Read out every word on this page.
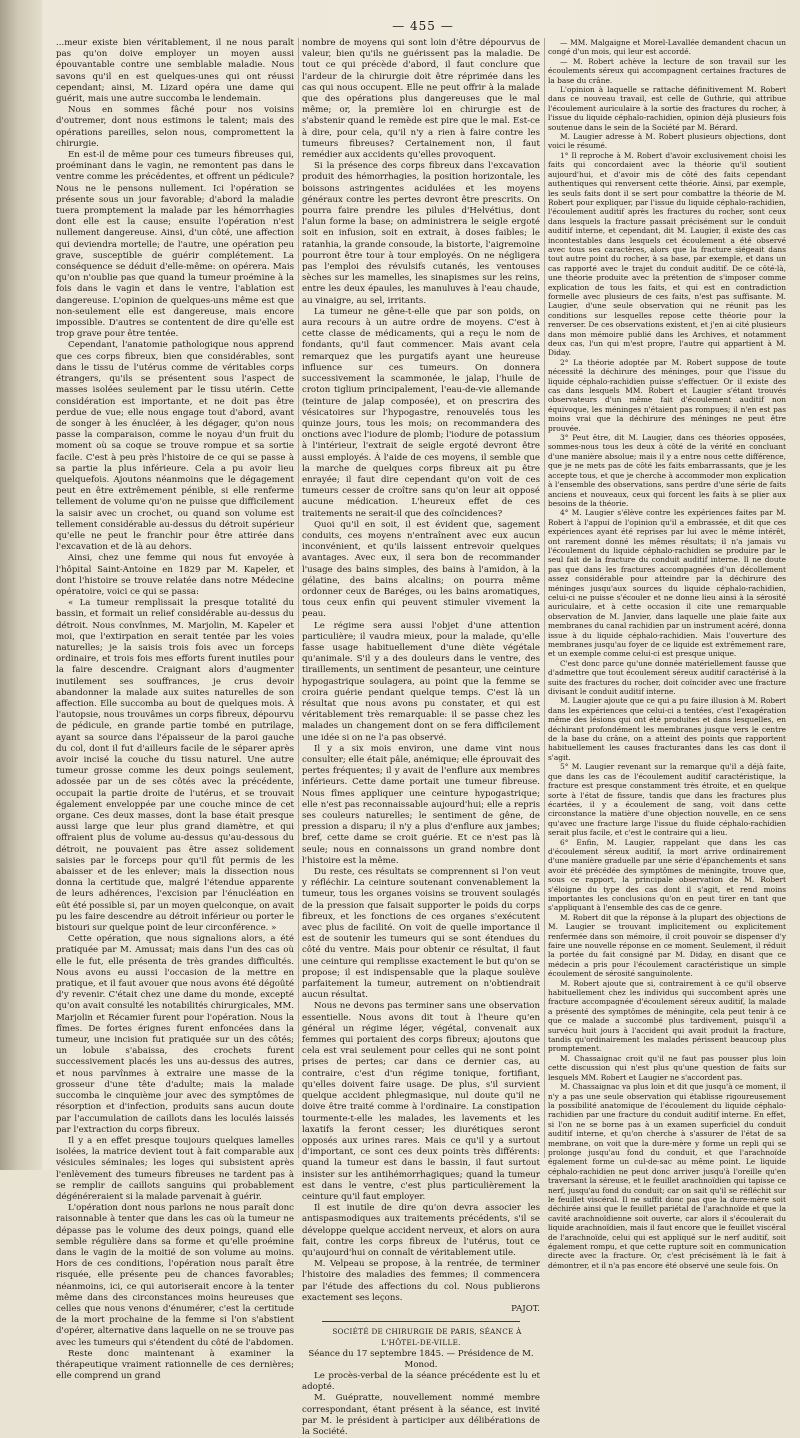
— 455 —

...meur existe bien véritablement, il ne nous paraît pas qu'on doive employer un moyen aussi épouvantable contre une semblable maladie. Nous savons qu'il en est quelques-unes qui ont réussi cependant; ainsi, M. Lizard opéra une dame qui guérit, mais une autre succomba le lendemain.

Nous en sommes fâché pour nos voisins d'outremer, dont nous estimons le talent; mais des opérations pareilles, selon nous, compromettent la chirurgie.

En est-il de même pour ces tumeurs fibreuses qui, proéminant dans le vagin, ne remontent pas dans le ventre comme les précédentes, et offrent un pédicule? Nous ne le pensons nullement. Ici l'opération se présente sous un jour favorable; d'abord la maladie tuera promptement la malade par les hémorrhagies dont elle est la cause; ensuite l'opération n'est nullement dangereuse. Ainsi, d'un côté, une affection qui deviendra mortelle; de l'autre, une opération peu grave, susceptible de guérir complétement. La conséquence se déduit d'elle-même: on opérera. Mais qu'on n'oublie pas que quand la tumeur proémine à la fois dans le vagin et dans le ventre, l'ablation est dangereuse. L'opinion de quelques-uns même est que non-seulement elle est dangereuse, mais encore impossible. D'autres se contentent de dire qu'elle est trop grave pour être tentée.

Cependant, l'anatomie pathologique nous apprend que ces corps fibreux, bien que considérables, sont dans le tissu de l'utérus comme de véritables corps étrangers, qu'ils se présentent sous l'aspect de masses isolées seulement par le tissu utérin. Cette considération est importante, et ne doit pas être perdue de vue; elle nous engage tout d'abord, avant de songer à les énucléer, à les dégager, qu'on nous passe la comparaison, comme le noyau d'un fruit du moment où sa coque se trouve rompue et sa sortie facile. C'est à peu près l'histoire de ce qui se passe à sa partie la plus inférieure. Cela a pu avoir lieu quelquefois. Ajoutons néanmoins que le dégagement peut en être extrêmement pénible, si elle renferme tellement de volume qu'on ne puisse que difficilement la saisir avec un crochet, ou quand son volume est tellement considérable au-dessus du détroit supérieur qu'elle ne peut le franchir pour être attirée dans l'excavation et de là au dehors.

Ainsi, chez une femme qui nous fut envoyée à l'hôpital Saint-Antoine en 1829 par M. Kapeler, et dont l'histoire se trouve relatée dans notre Médecine opératoire, voici ce qui se passa:

« La tumeur remplissait la presque totalité du bassin, et formait un relief considérable au-dessus du détroit. Nous convînmes, M. Marjolin, M. Kapeler et moi, que l'extirpation en serait tentée par les voies naturelles; je la saisis trois fois avec un forceps ordinaire, et trois fois mes efforts furent inutiles pour la faire descendre. Craignant alors d'augmenter inutilement ses souffrances, je crus devoir abandonner la malade aux suites naturelles de son affection. Elle succomba au bout de quelques mois. À l'autopsie, nous trouvâmes un corps fibreux, dépourvu de pédicule, en grande partie tombé en putrilage, ayant sa source dans l'épaisseur de la paroi gauche du col, dont il fut d'ailleurs facile de le séparer après avoir incisé la couche du tissu naturel. Une autre tumeur grosse comme les deux poings seulement, adossée par un de ses côtés avec la précédente, occupait la partie droite de l'utérus, et se trouvait également enveloppée par une couche mince de cet organe. Ces deux masses, dont la base était presque aussi large que leur plus grand diamètre, et qui offraient plus de volume au-dessus qu'au-dessous du détroit, ne pouvaient pas être assez solidement saisies par le forceps pour qu'il fût permis de les abaisser et de les enlever; mais la dissection nous donna la certitude que, malgré l'étendue apparente de leurs adhérences, l'excision par l'énucléation en eût été possible si, par un moyen quelconque, on avait pu les faire descendre au détroit inférieur ou porter le bistouri sur quelque point de leur circonférence. »

Cette opération, que nous signalions alors, a été pratiquée par M. Amussat; mais dans l'un des cas où elle le fut, elle présenta de très grandes difficultés. Nous avons eu aussi l'occasion de la mettre en pratique, et il faut avouer que nous avons été dégoûté d'y revenir. C'était chez une dame du monde, excepté qu'on avait consulté les notabilités chirurgicales, MM. Marjolin et Récamier furent pour l'opération. Nous la fîmes. De fortes érignes furent enfoncées dans la tumeur, une incision fut pratiquée sur un des côtés; un lobule s'abaissa, des crochets furent successivement placés les uns au-dessus des autres, et nous parvînmes à extraire une masse de la grosseur d'une tête d'adulte; mais la malade succomba le cinquième jour avec des symptômes de résorption et d'infection, produits sans aucun doute par l'accumulation de caillots dans les loculés laissés par l'extraction du corps fibreux.

Il y a en effet presque toujours quelques lamelles isolées, la matrice devient tout à fait comparable aux vésicules séminales; les loges qui subsistent après l'enlèvement des tumeurs fibreuses ne tardent pas à se remplir de caillots sanguins qui probablement dégénéreraient si la malade parvenait à guérir.

L'opération dont nous parlons ne nous paraît donc raisonnable à tenter que dans les cas où la tumeur ne dépasse pas le volume des deux poings, quand elle semble régulière dans sa forme et qu'elle proémine dans le vagin de la moitié de son volume au moins. Hors de ces conditions, l'opération nous paraît être risquée, elle présente peu de chances favorables; néanmoins, ici, ce qui autoriserait encore à la tenter même dans des circonstances moins heureuses que celles que nous venons d'énumérer, c'est la certitude de la mort prochaine de la femme si l'on s'abstient d'opérer, alternative dans laquelle on ne se trouve pas avec les tumeurs qui s'étendent du côté de l'abdomen.

Reste donc maintenant à examiner la thérapeutique vraiment rationnelle de ces dernières; elle comprend un grand

nombre de moyens qui sont loin d'être dépourvus de valeur, bien qu'ils ne guérissent pas la maladie. De tout ce qui précède d'abord, il faut conclure que l'ardeur de la chirurgie doit être réprimée dans les cas qui nous occupent. Elle ne peut offrir à la malade que des opérations plus dangereuses que le mal même; or, la première loi en chirurgie est de s'abstenir quand le remède est pire que le mal. Est-ce à dire, pour cela, qu'il n'y a rien à faire contre les tumeurs fibreuses? Certainement non, il faut remédier aux accidents qu'elles provoquent.

Si la présence des corps fibreux dans l'excavation produit des hémorrhagies, la position horizontale, les boissons astringentes acidulées et les moyens généraux contre les pertes devront être prescrits. On pourra faire prendre les pilules d'Helvétius, dont l'alun forme la base; on administrera le seigle ergoté soit en infusion, soit en extrait, à doses faibles; le ratanhia, la grande consoude, la bistorte, l'aigremoine pourront être tour à tour employés. On ne négligera pas l'emploi des révulsifs cutanés, les ventouses sèches sur les mamelles, les sinapismes sur les reins, entre les deux épaules, les manuluves à l'eau chaude, au vinaigre, au sel, irritants.

La tumeur ne gêne-t-elle que par son poids, on aura recours à un autre ordre de moyens. C'est à cette classe de médicaments, qui a reçu le nom de fondants, qu'il faut commencer. Mais avant cela remarquez que les purgatifs ayant une heureuse influence sur ces tumeurs. On donnera successivement la scammonée, le jalap, l'huile de croton tiglium principalement, l'eau-de-vie allemande (teinture de jalap composée), et on prescrira des vésicatoires sur l'hypogastre, renouvelés tous les quinze jours, tous les mois; on recommandera des onctions avec l'iodure de plomb; l'iodure de potassium à l'intérieur, l'extrait de seigle ergoté devront être aussi employés. À l'aide de ces moyens, il semble que la marche de quelques corps fibreux ait pu être enrayée; il faut dire cependant qu'on voit de ces tumeurs cesser de croître sans qu'on leur ait opposé aucune médication. L'heureux effet de ces traitements ne serait-il que des coïncidences?

Quoi qu'il en soit, il est évident que, sagement conduits, ces moyens n'entraînent avec eux aucun inconvénient, et qu'ils laissent entrevoir quelques avantages. Avec eux, il sera bon de recommander l'usage des bains simples, des bains à l'amidon, à la gélatine, des bains alcalins; on pourra même ordonner ceux de Baréges, ou les bains aromatiques, tous ceux enfin qui peuvent stimuler vivement la peau.

Le régime sera aussi l'objet d'une attention particulière; il vaudra mieux, pour la malade, qu'elle fasse usage habituellement d'une diète végétale qu'animale. S'il y a des douleurs dans le ventre, des tiraillements, un sentiment de pesanteur, une ceinture hypogastrique soulagera, au point que la femme se croira guérie pendant quelque temps. C'est là un résultat que nous avons pu constater, et qui est véritablement très remarquable: il se passe chez les malades un changement dont on se fera difficilement une idée si on ne l'a pas observé.

Il y a six mois environ, une dame vint nous consulter; elle était pâle, anémique; elle éprouvait des pertes fréquentes; il y avait de l'enflure aux membres inférieurs. Cette dame portait une tumeur fibreuse. Nous fîmes appliquer une ceinture hypogastrique; elle n'est pas reconnaissable aujourd'hui; elle a repris ses couleurs naturelles; le sentiment de gêne, de pression a disparu; il n'y a plus d'enflure aux jambes; bref, cette dame se croit guérie. Et ce n'est pas là seule; nous en connaissons un grand nombre dont l'histoire est la même.

Du reste, ces résultats se comprennent si l'on veut y réfléchir. La ceinture soutenant convenablement la tumeur, tous les organes voisins se trouvent soulagés de la pression que faisait supporter le poids du corps fibreux, et les fonctions de ces organes s'exécutent avec plus de facilité. On voit de quelle importance il est de soutenir les tumeurs qui se sont étendues du côté du ventre. Mais pour obtenir ce résultat, il faut une ceinture qui remplisse exactement le but qu'on se propose; il est indispensable que la plaque soulève parfaitement la tumeur, autrement on n'obtiendrait aucun résultat.

Nous ne devons pas terminer sans une observation essentielle. Nous avons dit tout à l'heure qu'en général un régime léger, végétal, convenait aux femmes qui portaient des corps fibreux; ajoutons que cela est vrai seulement pour celles qui ne sont point prises de pertes; car dans ce dernier cas, au contraire, c'est d'un régime tonique, fortifiant, qu'elles doivent faire usage. De plus, s'il survient quelque accident phlegmasique, nul doute qu'il ne doive être traité comme à l'ordinaire. La constipation tourmente-t-elle les malades, les lavements et les laxatifs la feront cesser; les diurétiques seront opposés aux urines rares. Mais ce qu'il y a surtout d'important, ce sont ces deux points très différents: quand la tumeur est dans le bassin, il faut surtout insister sur les antihémorrhagiques; quand la tumeur est dans le ventre, c'est plus particulièrement la ceinture qu'il faut employer.

Il est inutile de dire qu'on devra associer les antispasmodiques aux traitements précédents, s'il se développe quelque accident nerveux, et alors on aura fait, contre les corps fibreux de l'utérus, tout ce qu'aujourd'hui on connaît de véritablement utile.

M. Velpeau se propose, à la rentrée, de terminer l'histoire des maladies des femmes; il commencera par l'étude des affections du col. Nous publierons exactement ses leçons.

PAJOT.

SOCIÉTÉ DE CHIRURGIE DE PARIS, SÉANCE À L'HÔTEL-DE-VILLE.

Séance du 17 septembre 1845. — Présidence de M. Monod.

Le procès-verbal de la séance précédente est lu et adopté.

M. Guépratte, nouvellement nommé membre correspondant, étant présent à la séance, est invité par M. le président à participer aux délibérations de la Société.

— MM. Malgaigne et Morel-Lavallée demandent chacun un congé d'un mois, qui leur est accordé.

— M. Robert achève la lecture de son travail sur les écoulements séreux qui accompagnent certaines fractures de la base du crâne.

L'opinion à laquelle se rattache définitivement M. Robert dans ce nouveau travail, est celle de Guthrie, qui attribue l'écoulement auriculaire à la sortie des fractures du rocher, à l'issue du liquide céphalo-rachidien, opinion déjà plusieurs fois soutenue dans le sein de la Société par M. Bérard.

M. Laugier adresse à M. Robert plusieurs objections, dont voici le résumé.

1° Il reproche à M. Robert d'avoir exclusivement choisi les faits qui concordaient avec la théorie qu'il soutient aujourd'hui, et d'avoir mis de côté des faits cependant authentiques qui renversent cette théorie. Ainsi, par exemple, les seuls faits dont il se sert pour combattre la théorie de M. Robert pour expliquer, par l'issue du liquide céphalo-rachidien, l'écoulement auditif après les fractures du rocher, sont ceux dans lesquels la fracture passait précisément sur le conduit auditif interne, et cependant, dit M. Laugier, il existe des cas incontestables dans lesquels cet écoulement a été observé avec tous ses caractères, alors que la fracture siégeait dans tout autre point du rocher, à sa base, par exemple, et dans un cas rapporté avec le trajet du conduit auditif. De ce côté-là, une théorie produite avec la prétention de s'imposer comme explication de tous les faits, et qui est en contradiction formelle avec plusieurs de ces faits, n'est pas suffisante. M. Laugier, d'une seule observation qui ne réunit pas les conditions sur lesquelles repose cette théorie pour la renverser. De ces observations existent, et j'en ai cité plusieurs dans mon mémoire publié dans les Archives, et notamment deux cas, l'un qui m'est propre, l'autre qui appartient à M. Diday.

2° La théorie adoptée par M. Robert suppose de toute nécessité la déchirure des méninges, pour que l'issue du liquide céphalo-rachidien puisse s'effectuer. Or il existe des cas dans lesquels MM. Robert et Laugier s'étant trouvés observateurs d'un même fait d'écoulement auditif non équivoque, les méninges n'étaient pas rompues; il n'en est pas moins vrai que la déchirure des méninges ne peut être prouvée.

3° Peut être, dit M. Laugier, dans ces théories opposées, sommes-nous tous les deux à côté de la vérité en concluant d'une manière absolue; mais il y a entre nous cette différence, que je ne mets pas de côté les faits embarrassants, que je les accepte tous, et que je cherche à accommoder mon explication à l'ensemble des observations, sans perdre d'une série de faits anciens et nouveaux, ceux qui forcent les faits à se plier aux besoins de la théorie.

4° M. Laugier s'élève contre les expériences faites par M. Robert à l'appui de l'opinion qu'il a embrassée, et dit que ces expériences ayant été reprises par lui avec le même intérêt, ont rarement donné les mêmes résultats; il n'a jamais vu l'écoulement du liquide céphalo-rachidien se produire par le seul fait de la fracture du conduit auditif interne. Il ne doute pas que dans les fractures accompagnées d'un décollement assez considérable pour atteindre par la déchirure des méninges jusqu'aux sources du liquide céphalo-rachidien, celui-ci ne puisse s'écouler et ne donne lieu ainsi à la sérosité auriculaire, et à cette occasion il cite une remarquable observation de M. Janvier, dans laquelle une plaie faite aux membranes du canal rachidien par un instrument acéré, donna issue à du liquide céphalo-rachidien. Mais l'ouverture des membranes jusqu'au foyer de ce liquide est extrêmement rare, et un exemple comme celui-ci est presque unique.

C'est donc parce qu'une donnée matériellement fausse que d'admettre que tout écoulement séreux auditif caractérisé à la suite des fractures du rocher, doit coïncider avec une fracture divisant le conduit auditif interne.

M. Laugier ajoute que ce qui a pu faire illusion à M. Robert dans les expériences que celui-ci a tentées, c'est l'exagération même des lésions qui ont été produites et dans lesquelles, en déchirant profondément les membranes jusque vers le centre de la base du crâne, on a atteint des points que rapportent habituellement les causes fracturantes dans les cas dont il s'agit.

5° M. Laugier revenant sur la remarque qu'il a déjà faite, que dans les cas de l'écoulement auditif caractéristique, la fracture est presque constamment très étroite, et en quelque sorte à l'état de fissure, tandis que dans les fractures plus écartées, il y a écoulement de sang, voit dans cette circonstance la matière d'une objection nouvelle, en ce sens qu'avec une fracture large l'issue du fluide céphalo-rachidien serait plus facile, et c'est le contraire qui a lieu.

6° Enfin, M. Laugier, rappelant que dans les cas d'écoulement séreux auditif, la mort arrive ordinairement d'une manière graduelle par une série d'épanchements et sans avoir été précédée des symptômes de méningite, trouve que, sous ce rapport, la principale observation de M. Robert s'éloigne du type des cas dont il s'agit, et rend moins importantes les conclusions qu'on en peut tirer en tant que s'appliquant à l'ensemble des cas de ce genre.

M. Robert dit que la réponse à la plupart des objections de M. Laugier se trouvant implicitement ou explicitement renfermée dans son mémoire, il croit pouvoir se dispenser d'y faire une nouvelle réponse en ce moment. Seulement, il réduit la portée du fait consigné par M. Diday, en disant que ce médecin a pris pour l'écoulement caractéristique un simple écoulement de sérosité sanguinolente.

M. Robert ajoute que si, contrairement à ce qu'il observe habituellement chez les individus qui succombent après une fracture accompagnée d'écoulement séreux auditif, la malade a présenté des symptômes de méningite, cela peut tenir à ce que ce malade a succombé plus tardivement, puisqu'il a survécu huit jours à l'accident qui avait produit la fracture, tandis qu'ordinairement les malades périssent beaucoup plus promptement.

M. Chassaignac croit qu'il ne faut pas pousser plus loin cette discussion qui n'est plus qu'une question de faits sur lesquels MM. Robert et Laugier ne s'accordent pas.

M. Chassaignac va plus loin et dit que jusqu'à ce moment, il n'y a pas une seule observation qui établisse rigoureusement la possibilité anatomique de l'écoulement du liquide céphalo-rachidien par une fracture du conduit auditif interne. En effet, si l'on ne se borne pas à un examen superficiel du conduit auditif interne, et qu'on cherche à s'assurer de l'état de sa membrane, on voit que la dure-mère y forme un repli qui se prolonge jusqu'au fond du conduit, et que l'arachnoïde également forme un cul-de-sac au même point. Le liquide céphalo-rachidien ne peut donc arriver jusqu'à l'oreille qu'en traversant la séreuse, et le feuillet arachnoïdien qui tapisse ce nerf, jusqu'au fond du conduit; car on sait qu'il se réfléchit sur le feuillet viscéral. Il ne suffit donc pas que la dure-mère soit déchirée ainsi que le feuillet pariétal de l'arachnoïde et que la cavité arachnoïdienne soit ouverte, car alors il s'écoulerait du liquide arachnoïdien, mais il faut encore que le feuillet viscéral de l'arachnoïde, celui qui est appliqué sur le nerf auditif, soit également rompu, et que cette rupture soit en communication directe avec la fracture. Or, c'est précisément là le fait à démontrer, et il n'a pas encore été observé une seule fois. On
